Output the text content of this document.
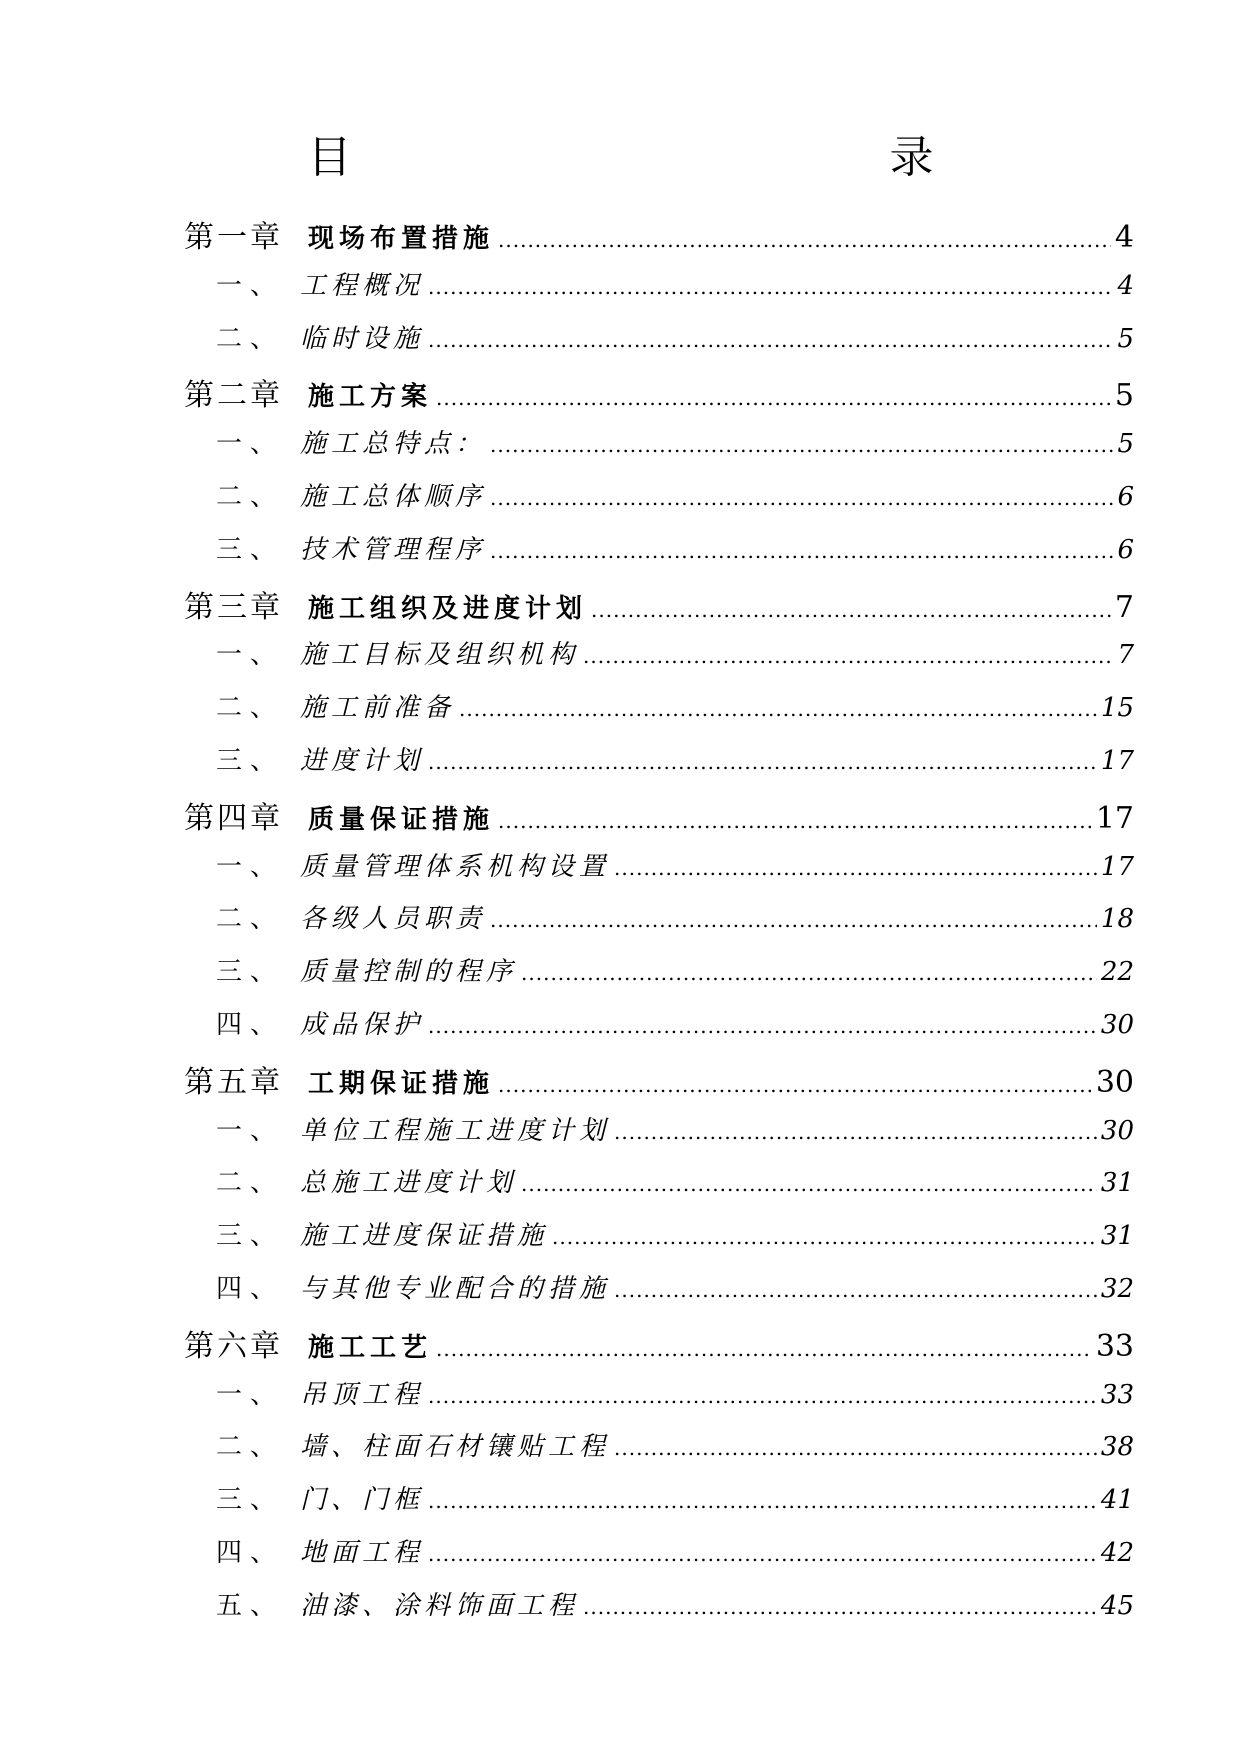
目　　录
第一章 现场布置措施 .....	4
一、 工程概况 .....	4
二、 临时设施 .....	5
第二章 施工方案 .....	5
一、 施工总特点： .....	5
二、 施工总体顺序 .....	6
三、 技术管理程序 .....	6
第三章 施工组织及进度计划 .....	7
一、 施工目标及组织机构 .....	7
二、 施工前准备 .....	15
三、 进度计划 .....	17
第四章 质量保证措施 .....	17
一、 质量管理体系机构设置 .....	17
二、 各级人员职责 .....	18
三、 质量控制的程序 .....	22
四、 成品保护 .....	30
第五章 工期保证措施 .....	30
一、 单位工程施工进度计划 .....	30
二、 总施工进度计划 .....	31
三、 施工进度保证措施 .....	31
四、 与其他专业配合的措施 .....	32
第六章 施工工艺 .....	33
一、 吊顶工程 .....	33
二、 墙、柱面石材镶贴工程 .....	38
三、 门、门框 .....	41
四、 地面工程 .....	42
五、 油漆、涂料饰面工程 .....	45
